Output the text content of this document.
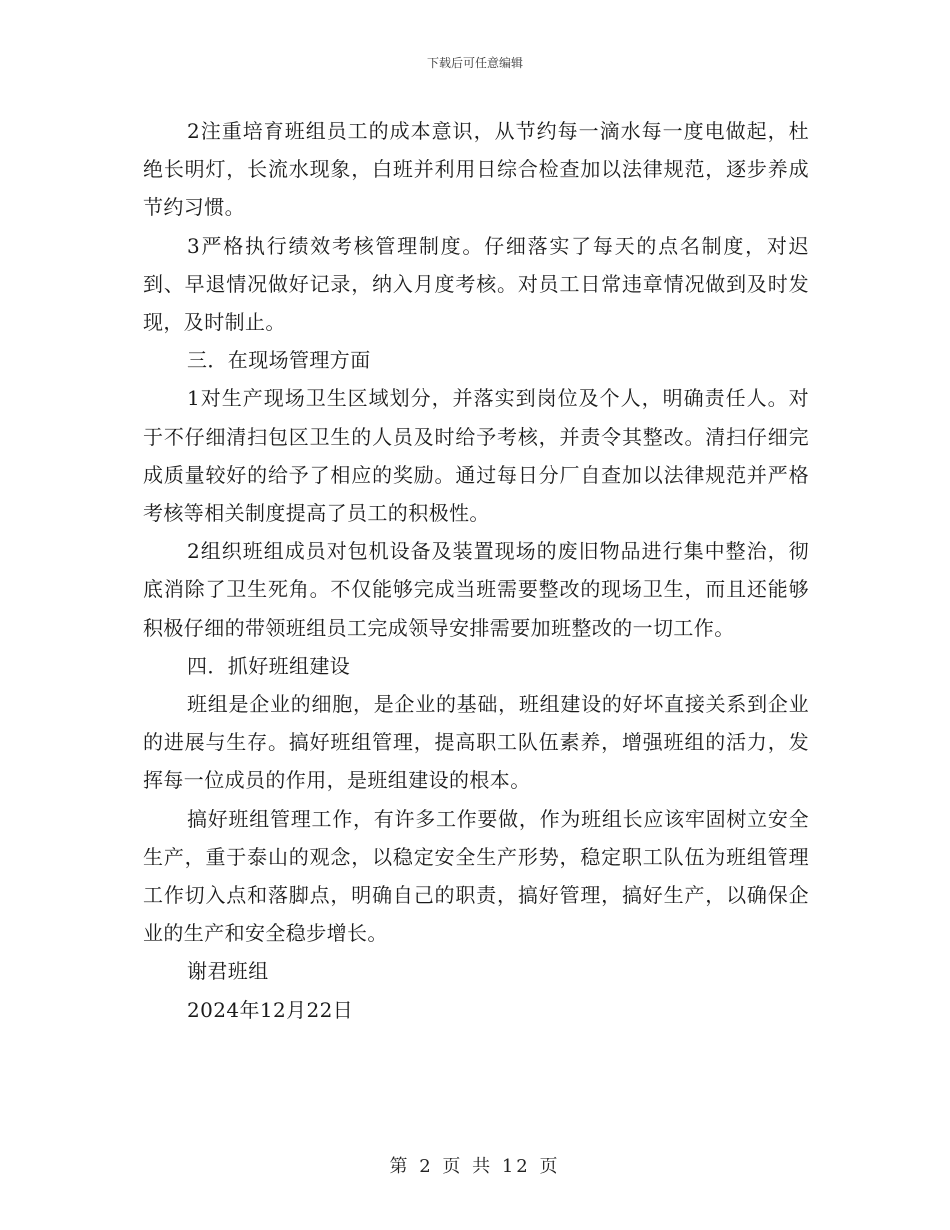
下载后可任意编辑

2注重培育班组员工的成本意识，从节约每一滴水每一度电做起，杜绝长明灯，长流水现象，白班并利用日综合检查加以法律规范，逐步养成节约习惯。

3严格执行绩效考核管理制度。仔细落实了每天的点名制度，对迟到、早退情况做好记录，纳入月度考核。对员工日常违章情况做到及时发现，及时制止。

三．在现场管理方面

1对生产现场卫生区域划分，并落实到岗位及个人，明确责任人。对于不仔细清扫包区卫生的人员及时给予考核，并责令其整改。清扫仔细完成质量较好的给予了相应的奖励。通过每日分厂自查加以法律规范并严格考核等相关制度提高了员工的积极性。

2组织班组成员对包机设备及装置现场的废旧物品进行集中整治，彻底消除了卫生死角。不仅能够完成当班需要整改的现场卫生，而且还能够积极仔细的带领班组员工完成领导安排需要加班整改的一切工作。

四．抓好班组建设

班组是企业的细胞，是企业的基础，班组建设的好坏直接关系到企业的进展与生存。搞好班组管理，提高职工队伍素养，增强班组的活力，发挥每一位成员的作用，是班组建设的根本。

搞好班组管理工作，有许多工作要做，作为班组长应该牢固树立安全生产，重于泰山的观念，以稳定安全生产形势，稳定职工队伍为班组管理工作切入点和落脚点，明确自己的职责，搞好管理，搞好生产，以确保企业的生产和安全稳步增长。

谢君班组

2024年12月22日

第 2 页 共 12 页
